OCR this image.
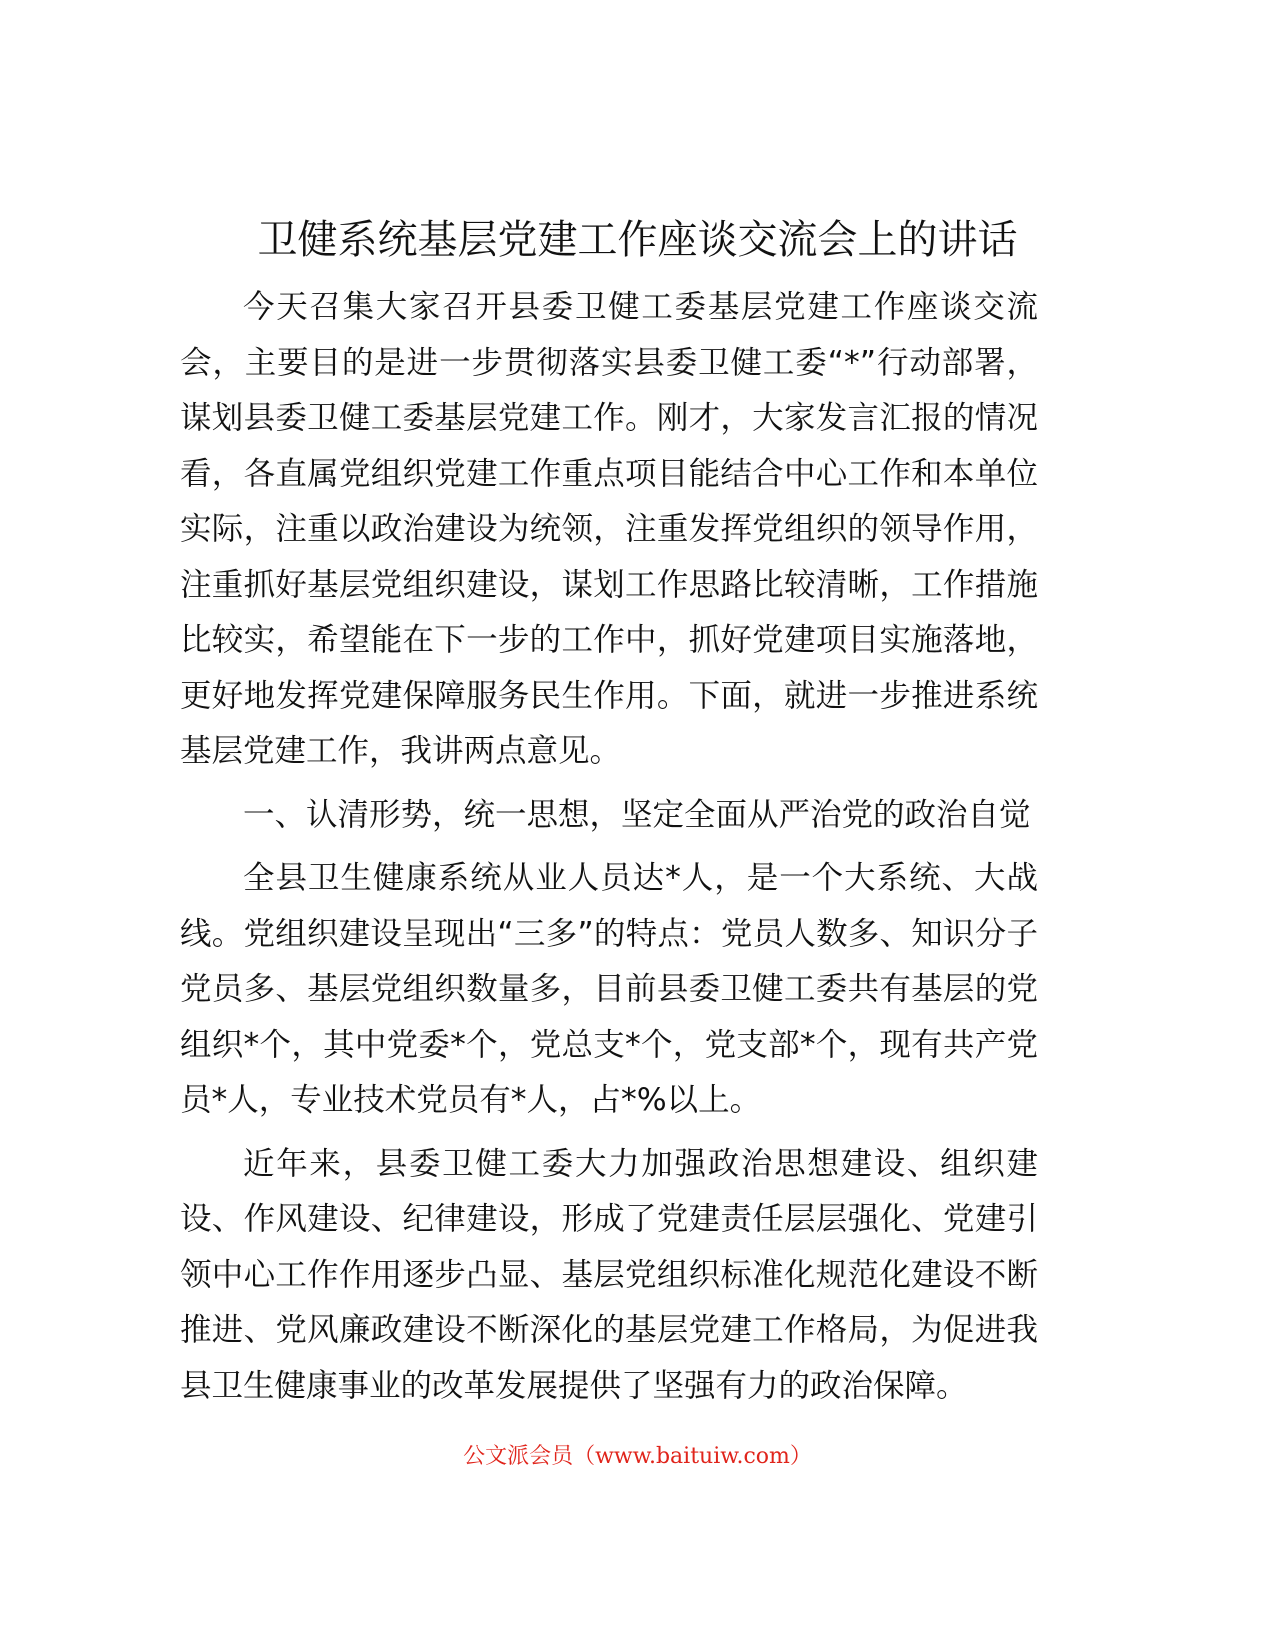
卫健系统基层党建工作座谈交流会上的讲话

今天召集大家召开县委卫健工委基层党建工作座谈交流会，主要目的是进一步贯彻落实县委卫健工委“*”行动部署，谋划县委卫健工委基层党建工作。刚才，大家发言汇报的情况看，各直属党组织党建工作重点项目能结合中心工作和本单位实际，注重以政治建设为统领，注重发挥党组织的领导作用，注重抓好基层党组织建设，谋划工作思路比较清晰，工作措施比较实，希望能在下一步的工作中，抓好党建项目实施落地，更好地发挥党建保障服务民生作用。下面，就进一步推进系统基层党建工作，我讲两点意见。

一、认清形势，统一思想，坚定全面从严治党的政治自觉

全县卫生健康系统从业人员达*人，是一个大系统、大战线。党组织建设呈现出“三多”的特点：党员人数多、知识分子党员多、基层党组织数量多，目前县委卫健工委共有基层的党组织*个，其中党委*个，党总支*个，党支部*个，现有共产党员*人，专业技术党员有*人，占*%以上。

近年来，县委卫健工委大力加强政治思想建设、组织建设、作风建设、纪律建设，形成了党建责任层层强化、党建引领中心工作作用逐步凸显、基层党组织标准化规范化建设不断推进、党风廉政建设不断深化的基层党建工作格局，为促进我县卫生健康事业的改革发展提供了坚强有力的政治保障。

公文派会员（www.baituiw.com）
